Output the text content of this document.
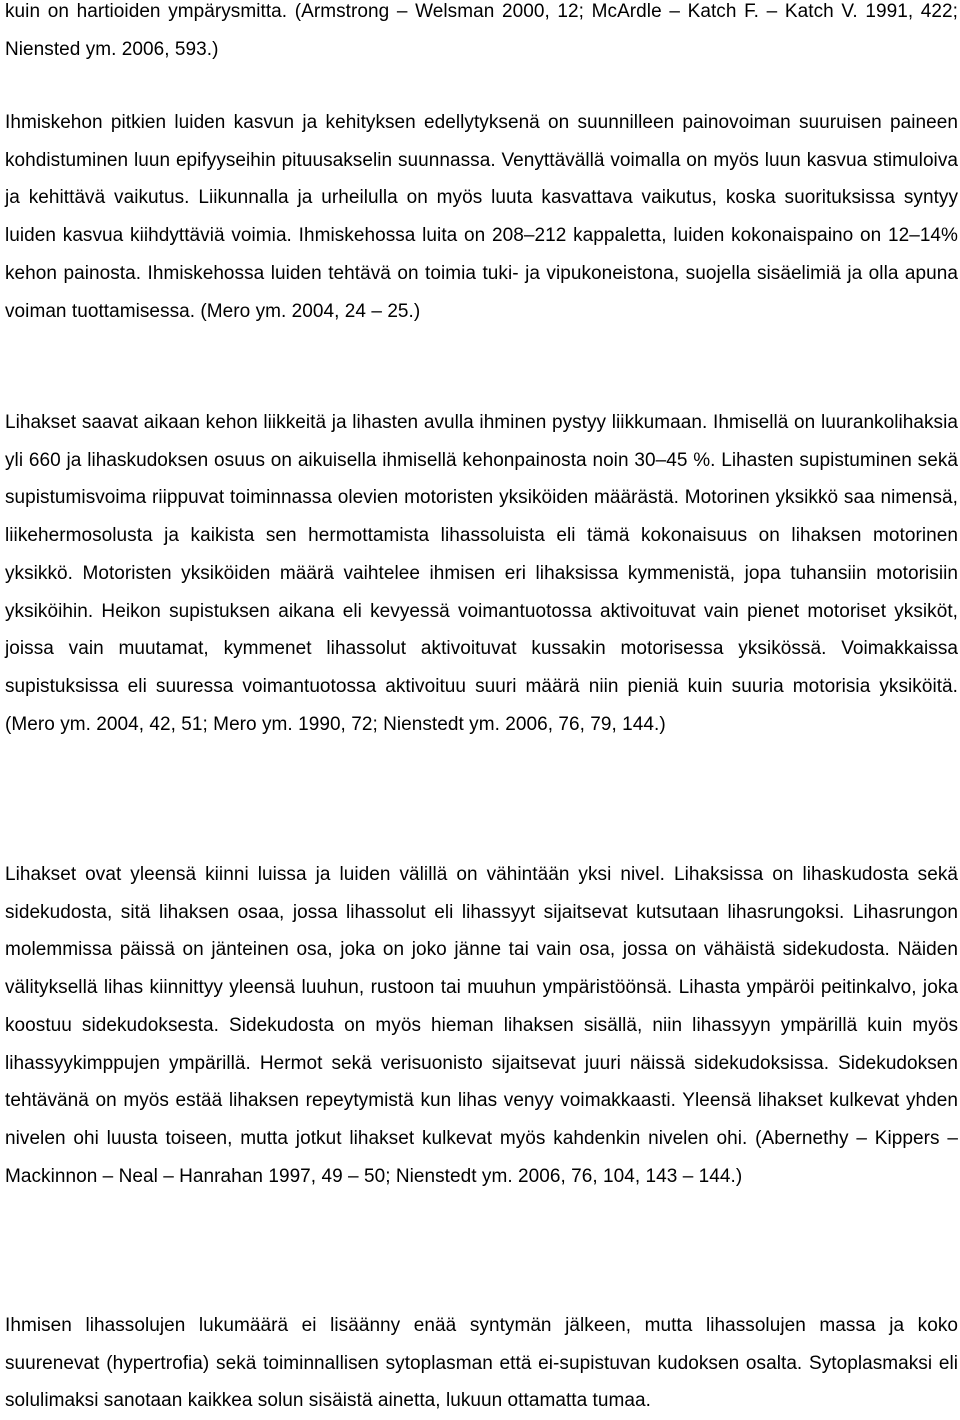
kuin on hartioiden ympärysmitta. (Armstrong – Welsman 2000, 12; McArdle – Katch F. – Katch V. 1991, 422; Niensted ym. 2006, 593.)

Ihmiskehon pitkien luiden kasvun ja kehityksen edellytyksenä on suunnilleen painovoiman suuruisen paineen kohdistuminen luun epifyyseihin pituusakselin suunnassa. Venyttävällä voimalla on myös luun kasvua stimuloiva ja kehittävä vaikutus. Liikunnalla ja urheilulla on myös luuta kasvattava vaikutus, koska suorituksissa syntyy luiden kasvua kiihdyttäviä voimia. Ihmiskehossa luita on 208–212 kappaletta, luiden kokonaispaino on 12–14% kehon painosta. Ihmiskehossa luiden tehtävä on toimia tuki- ja vipukoneistona, suojella sisäelimiä ja olla apuna voiman tuottamisessa. (Mero ym. 2004, 24 – 25.)

Lihakset saavat aikaan kehon liikkeitä ja lihasten avulla ihminen pystyy liikkumaan. Ihmisellä on luurankolihaksia yli 660 ja lihaskudoksen osuus on aikuisella ihmisellä kehonpainosta noin 30–45 %. Lihasten supistuminen sekä supistumisvoima riippuvat toiminnassa olevien motoristen yksiköiden määrästä. Motorinen yksikkö saa nimensä, liikehermosolusta ja kaikista sen hermottamista lihassoluista eli tämä kokonaisuus on lihaksen motorinen yksikkö. Motoristen yksiköiden määrä vaihtelee ihmisen eri lihaksissa kymmenistä, jopa tuhansiin motorisiin yksiköihin. Heikon supistuksen aikana eli kevyessä voimantuotossa aktivoituvat vain pienet motoriset yksiköt, joissa vain muutamat, kymmenet lihassolut aktivoituvat kussakin motorisessa yksikössä. Voimakkaissa supistuksissa eli suuressa voimantuotossa aktivoituu suuri määrä niin pieniä kuin suuria motorisia yksiköitä. (Mero ym. 2004, 42, 51; Mero ym. 1990, 72; Nienstedt ym. 2006, 76, 79, 144.)

Lihakset ovat yleensä kiinni luissa ja luiden välillä on vähintään yksi nivel. Lihaksissa on lihaskudosta sekä sidekudosta, sitä lihaksen osaa, jossa lihassolut eli lihassyyt sijaitsevat kutsutaan lihasrungoksi. Lihasrungon molemmissa päissä on jänteinen osa, joka on joko jänne tai vain osa, jossa on vähäistä sidekudosta. Näiden välityksellä lihas kiinnittyy yleensä luuhun, rustoon tai muuhun ympäristöönsä. Lihasta ympäröi peitinkalvo, joka koostuu sidekudoksesta. Sidekudosta on myös hieman lihaksen sisällä, niin lihassyyn ympärillä kuin myös lihassyykimppujen ympärillä. Hermot sekä verisuonisto sijaitsevat juuri näissä sidekudoksissa. Sidekudoksen tehtävänä on myös estää lihaksen repeytymistä kun lihas venyy voimakkaasti. Yleensä lihakset kulkevat yhden nivelen ohi luusta toiseen, mutta jotkut lihakset kulkevat myös kahdenkin nivelen ohi. (Abernethy – Kippers – Mackinnon – Neal – Hanrahan 1997, 49 – 50; Nienstedt ym. 2006, 76, 104, 143 – 144.)

Ihmisen lihassolujen lukumäärä ei lisäänny enää syntymän jälkeen, mutta lihassolujen massa ja koko suurenevat (hypertrofia) sekä toiminnallisen sytoplasman että ei-supistuvan kudoksen osalta. Sytoplasmaksi eli solulimaksi sanotaan kaikkea solun sisäistä ainetta, lukuun ottamatta tumaa.
